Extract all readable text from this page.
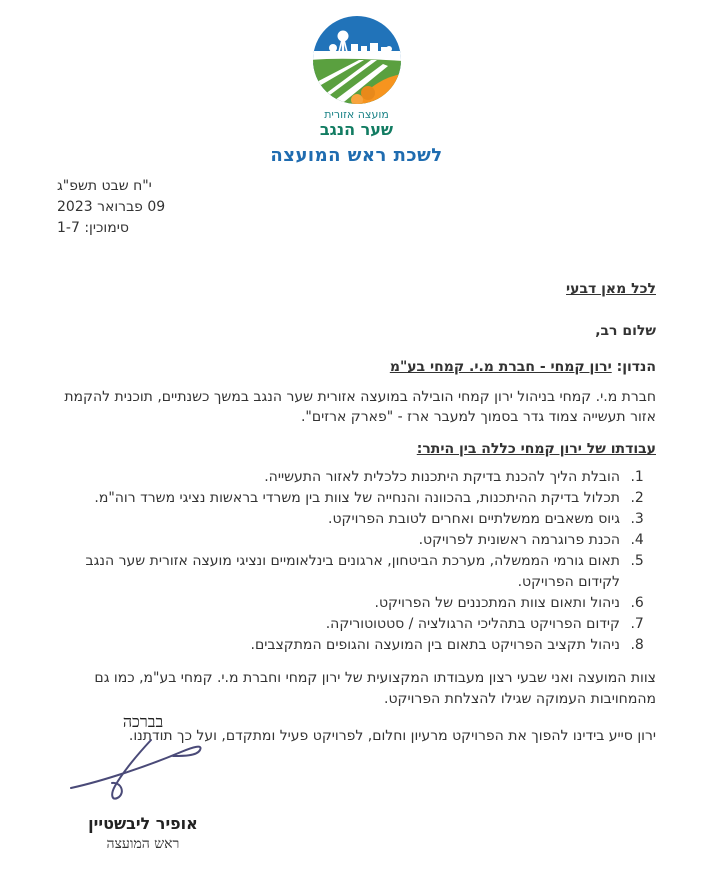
מועצה אזורית
שער הנגב
לשכת ראש המועצה
י"ח שבט תשפ"ג
09 פברואר 2023
סימוכין: 1-7
לכל מאן דבעי
שלום רב,
הנדון: ירון קמחי - חברת מ.י. קמחי בע"מ

חברת מ.י. קמחי בניהול ירון קמחי הובילה במועצה אזורית שער הנגב במשך כשנתיים, תוכנית להקמת אזור תעשייה צמוד גדר בסמוך למעבר ארז - "פארק ארזים".

עבודתו של ירון קמחי כללה בין היתר:
1. הובלת הליך להכנת בדיקת היתכנות כלכלית לאזור התעשייה.
2. תכלול בדיקת ההיתכנות, בהכוונה והנחייה של צוות בין משרדי בראשות נציגי משרד רוה"מ.
3. גיוס משאבים ממשלתיים ואחרים לטובת הפרויקט.
4. הכנת פרוגרמה ראשונית לפרויקט.
5. תאום גורמי הממשלה, מערכת הביטחון, ארגונים בינלאומיים ונציגי מועצה אזורית שער הנגב לקידום הפרויקט.
6. ניהול ותאום צוות המתכננים של הפרויקט.
7. קידום הפרויקט בתהליכי הרגולציה / סטטוטוריקה.
8. ניהול תקציב הפרויקט בתאום בין המועצה והגופים המתקצבים.

צוות המועצה ואני שבעי רצון מעבודתו המקצועית של ירון קמחי וחברת מ.י. קמחי בע"מ, כמו גם מהמחויבות העמוקה שגילו להצלחת הפרויקט.

ירון סייע בידינו להפוך את הפרויקט מרעיון וחלום, לפרויקט פעיל ומתקדם, ועל כך תודתנו.

בברכה
אופיר ליבשטיין
ראש המועצה
